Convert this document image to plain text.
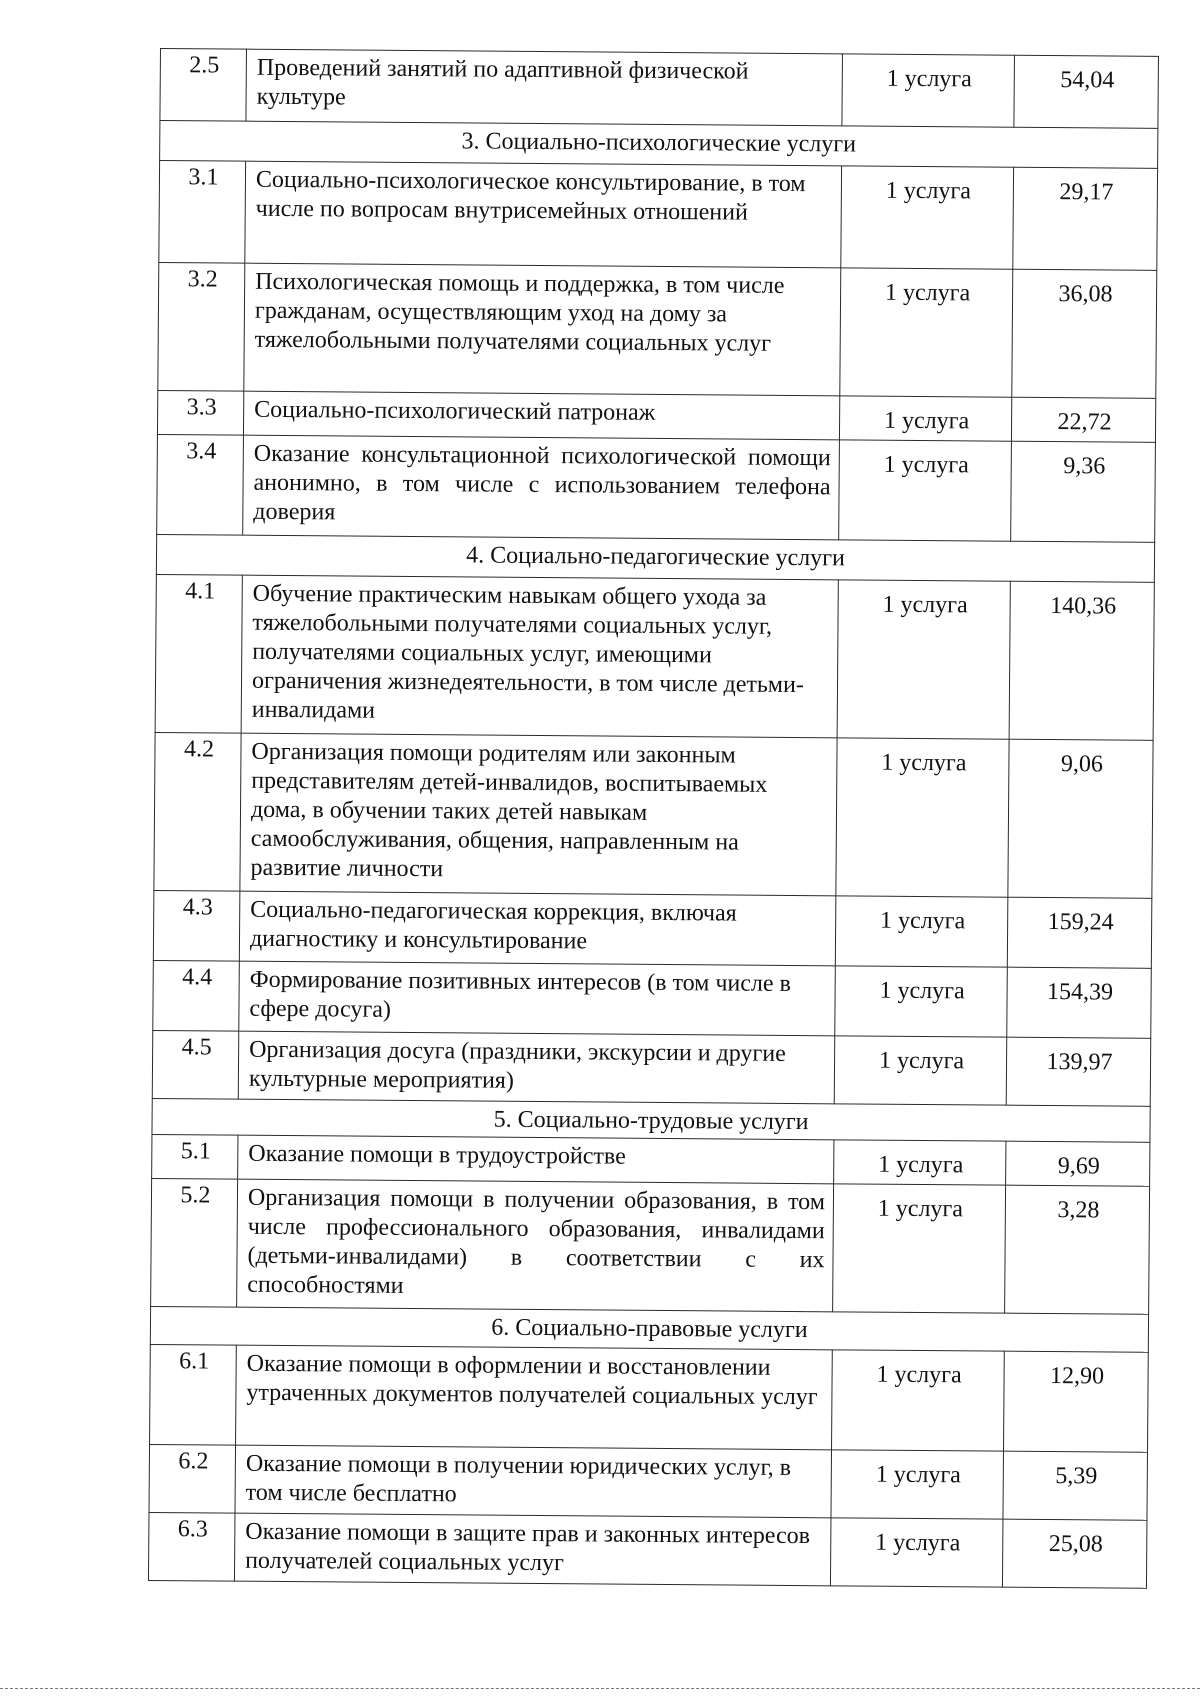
2.5	Проведений занятий по адаптивной физической культуре	1 услуга	54,04
3. Социально-психологические услуги			
3.1	Социально-психологическое консультирование, в том числе по вопросам внутрисемейных отношений	1 услуга	29,17
3.2	Психологическая помощь и поддержка, в том числе гражданам, осуществляющим уход на дому за тяжелобольными получателями социальных услуг	1 услуга	36,08
3.3	Социально-психологический патронаж	1 услуга	22,72
3.4	Оказание консультационной психологической помощи анонимно, в том числе с использованием телефона доверия	1 услуга	9,36
4. Социально-педагогические услуги			
4.1	Обучение практическим навыкам общего ухода за тяжелобольными получателями социальных услуг, получателями социальных услуг, имеющими ограничения жизнедеятельности, в том числе детьми-инвалидами	1 услуга	140,36
4.2	Организация помощи родителям или законным представителям детей-инвалидов, воспитываемых дома, в обучении таких детей навыкам самообслуживания, общения, направленным на развитие личности	1 услуга	9,06
4.3	Социально-педагогическая коррекция, включая диагностику и консультирование	1 услуга	159,24
4.4	Формирование позитивных интересов (в том числе в сфере досуга)	1 услуга	154,39
4.5	Организация досуга (праздники, экскурсии и другие культурные мероприятия)	1 услуга	139,97
5. Социально-трудовые услуги			
5.1	Оказание помощи в трудоустройстве	1 услуга	9,69
5.2	Организация помощи в получении образования, в том числе профессионального образования, инвалидами (детьми-инвалидами) в соответствии с их способностями	1 услуга	3,28
6. Социально-правовые услуги			
6.1	Оказание помощи в оформлении и восстановлении утраченных документов получателей социальных услуг	1 услуга	12,90
6.2	Оказание помощи в получении юридических услуг, в том числе бесплатно	1 услуга	5,39
6.3	Оказание помощи в защите прав и законных интересов получателей социальных услуг	1 услуга	25,08
